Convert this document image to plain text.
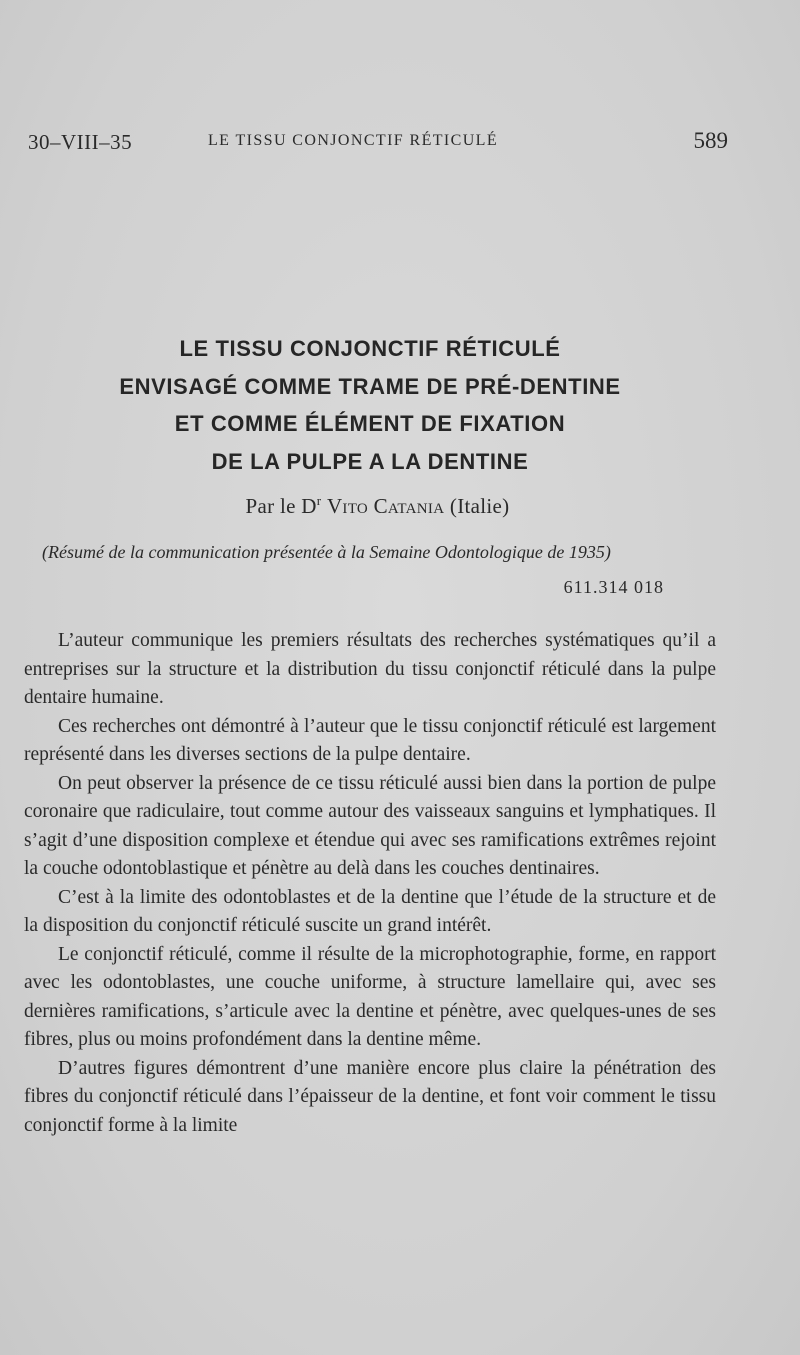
30–VIII–35	LE TISSU CONJONCTIF RÉTICULÉ	589
LE TISSU CONJONCTIF RÉTICULÉ
ENVISAGÉ COMME TRAME DE PRÉ-DENTINE
ET COMME ÉLÉMENT DE FIXATION
DE LA PULPE A LA DENTINE
Par le $D^r$ Vito Catania (Italie)
(Résumé de la communication présentée à la Semaine Odontologique de 1935)
611.314 018

L’auteur communique les premiers résultats des recherches systématiques qu’il a entreprises sur la structure et la distribution du tissu conjonctif réticulé dans la pulpe dentaire humaine.

Ces recherches ont démontré à l’auteur que le tissu conjonctif réticulé est largement représenté dans les diverses sections de la pulpe dentaire.

On peut observer la présence de ce tissu réticulé aussi bien dans la portion de pulpe coronaire que radiculaire, tout comme autour des vaisseaux sanguins et lymphatiques. Il s’agit d’une disposition complexe et étendue qui avec ses ramifications extrêmes rejoint la couche odontoblastique et pénètre au delà dans les couches dentinaires.

C’est à la limite des odontoblastes et de la dentine que l’étude de la structure et de la disposition du conjonctif réticulé suscite un grand intérêt.

Le conjonctif réticulé, comme il résulte de la microphotographie, forme, en rapport avec les odontoblastes, une couche uniforme, à structure lamellaire qui, avec ses dernières ramifications, s’articule avec la dentine et pénètre, avec quelques-unes de ses fibres, plus ou moins profondément dans la dentine même.

D’autres figures démontrent d’une manière encore plus claire la pénétration des fibres du conjonctif réticulé dans l’épaisseur de la dentine, et font voir comment le tissu conjonctif forme à la limite
